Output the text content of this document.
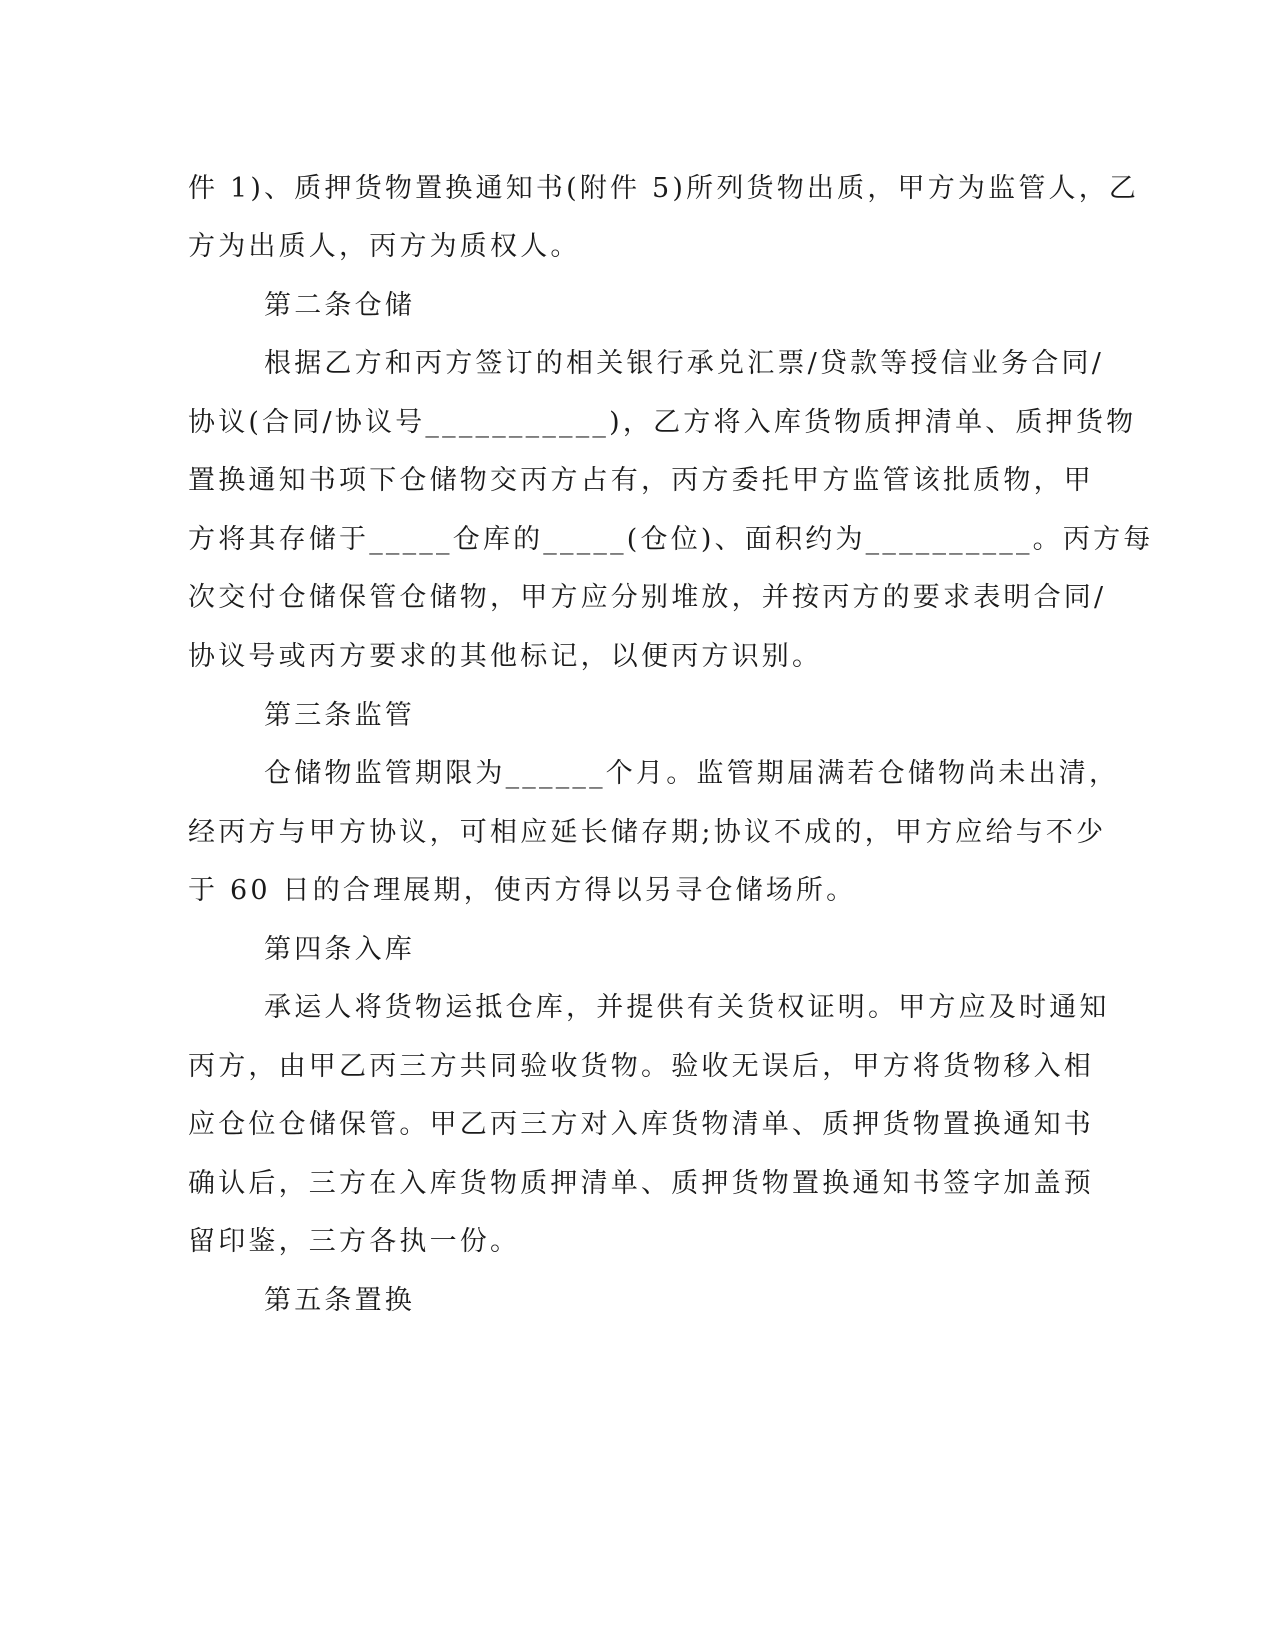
件 1)、质押货物置换通知书(附件 5)所列货物出质，甲方为监管人，乙
方为出质人，丙方为质权人。
第二条仓储
根据乙方和丙方签订的相关银行承兑汇票/贷款等授信业务合同/
协议(合同/协议号___________)，乙方将入库货物质押清单、质押货物
置换通知书项下仓储物交丙方占有，丙方委托甲方监管该批质物，甲
方将其存储于_____仓库的_____(仓位)、面积约为__________。丙方每
次交付仓储保管仓储物，甲方应分别堆放，并按丙方的要求表明合同/
协议号或丙方要求的其他标记，以便丙方识别。
第三条监管
仓储物监管期限为______个月。监管期届满若仓储物尚未出清，
经丙方与甲方协议，可相应延长储存期;协议不成的，甲方应给与不少
于 60 日的合理展期，使丙方得以另寻仓储场所。
第四条入库
承运人将货物运抵仓库，并提供有关货权证明。甲方应及时通知
丙方，由甲乙丙三方共同验收货物。验收无误后，甲方将货物移入相
应仓位仓储保管。甲乙丙三方对入库货物清单、质押货物置换通知书
确认后，三方在入库货物质押清单、质押货物置换通知书签字加盖预
留印鉴，三方各执一份。
第五条置换
